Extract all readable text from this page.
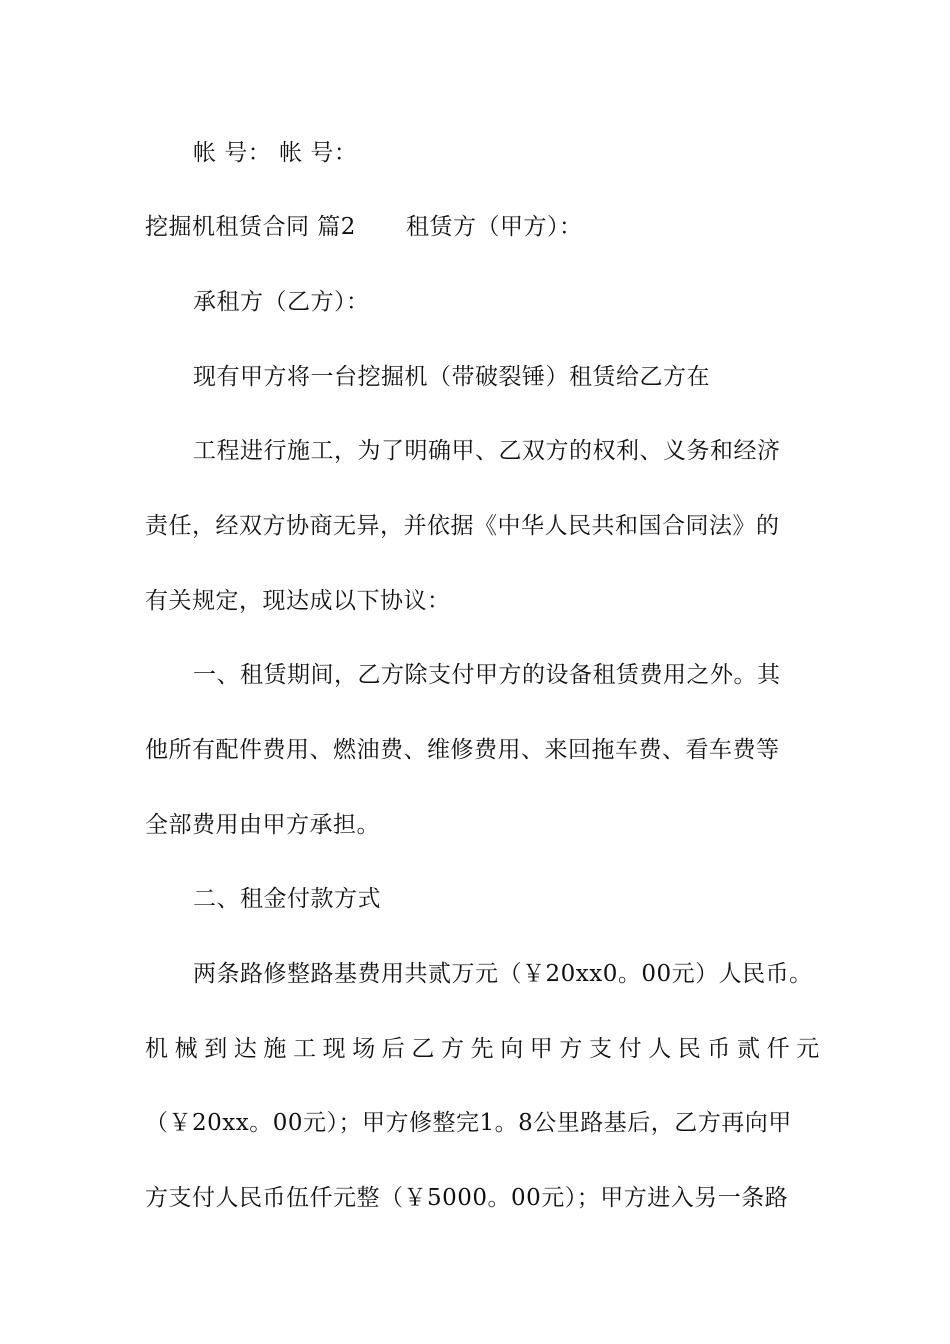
帐 号： 帐 号：
挖掘机租赁合同 篇2 租赁方（甲方）：
承租方（乙方）：
现有甲方将一台挖掘机（带破裂锤）租赁给乙方在
工程进行施工，为了明确甲、乙双方的权利、义务和经济
责任，经双方协商无异，并依据《中华人民共和国合同法》的
有关规定，现达成以下协议：
一、租赁期间，乙方除支付甲方的设备租赁费用之外。其
他所有配件费用、燃油费、维修费用、来回拖车费、看车费等
全部费用由甲方承担。
二、租金付款方式
两条路修整路基费用共贰万元（￥20xx0。00元）人民币。
机械到达施工现场后乙方先向甲方支付人民币贰仟元
（￥20xx。00元）；甲方修整完1。8公里路基后，乙方再向甲
方支付人民币伍仟元整（￥5000。00元）；甲方进入另一条路
